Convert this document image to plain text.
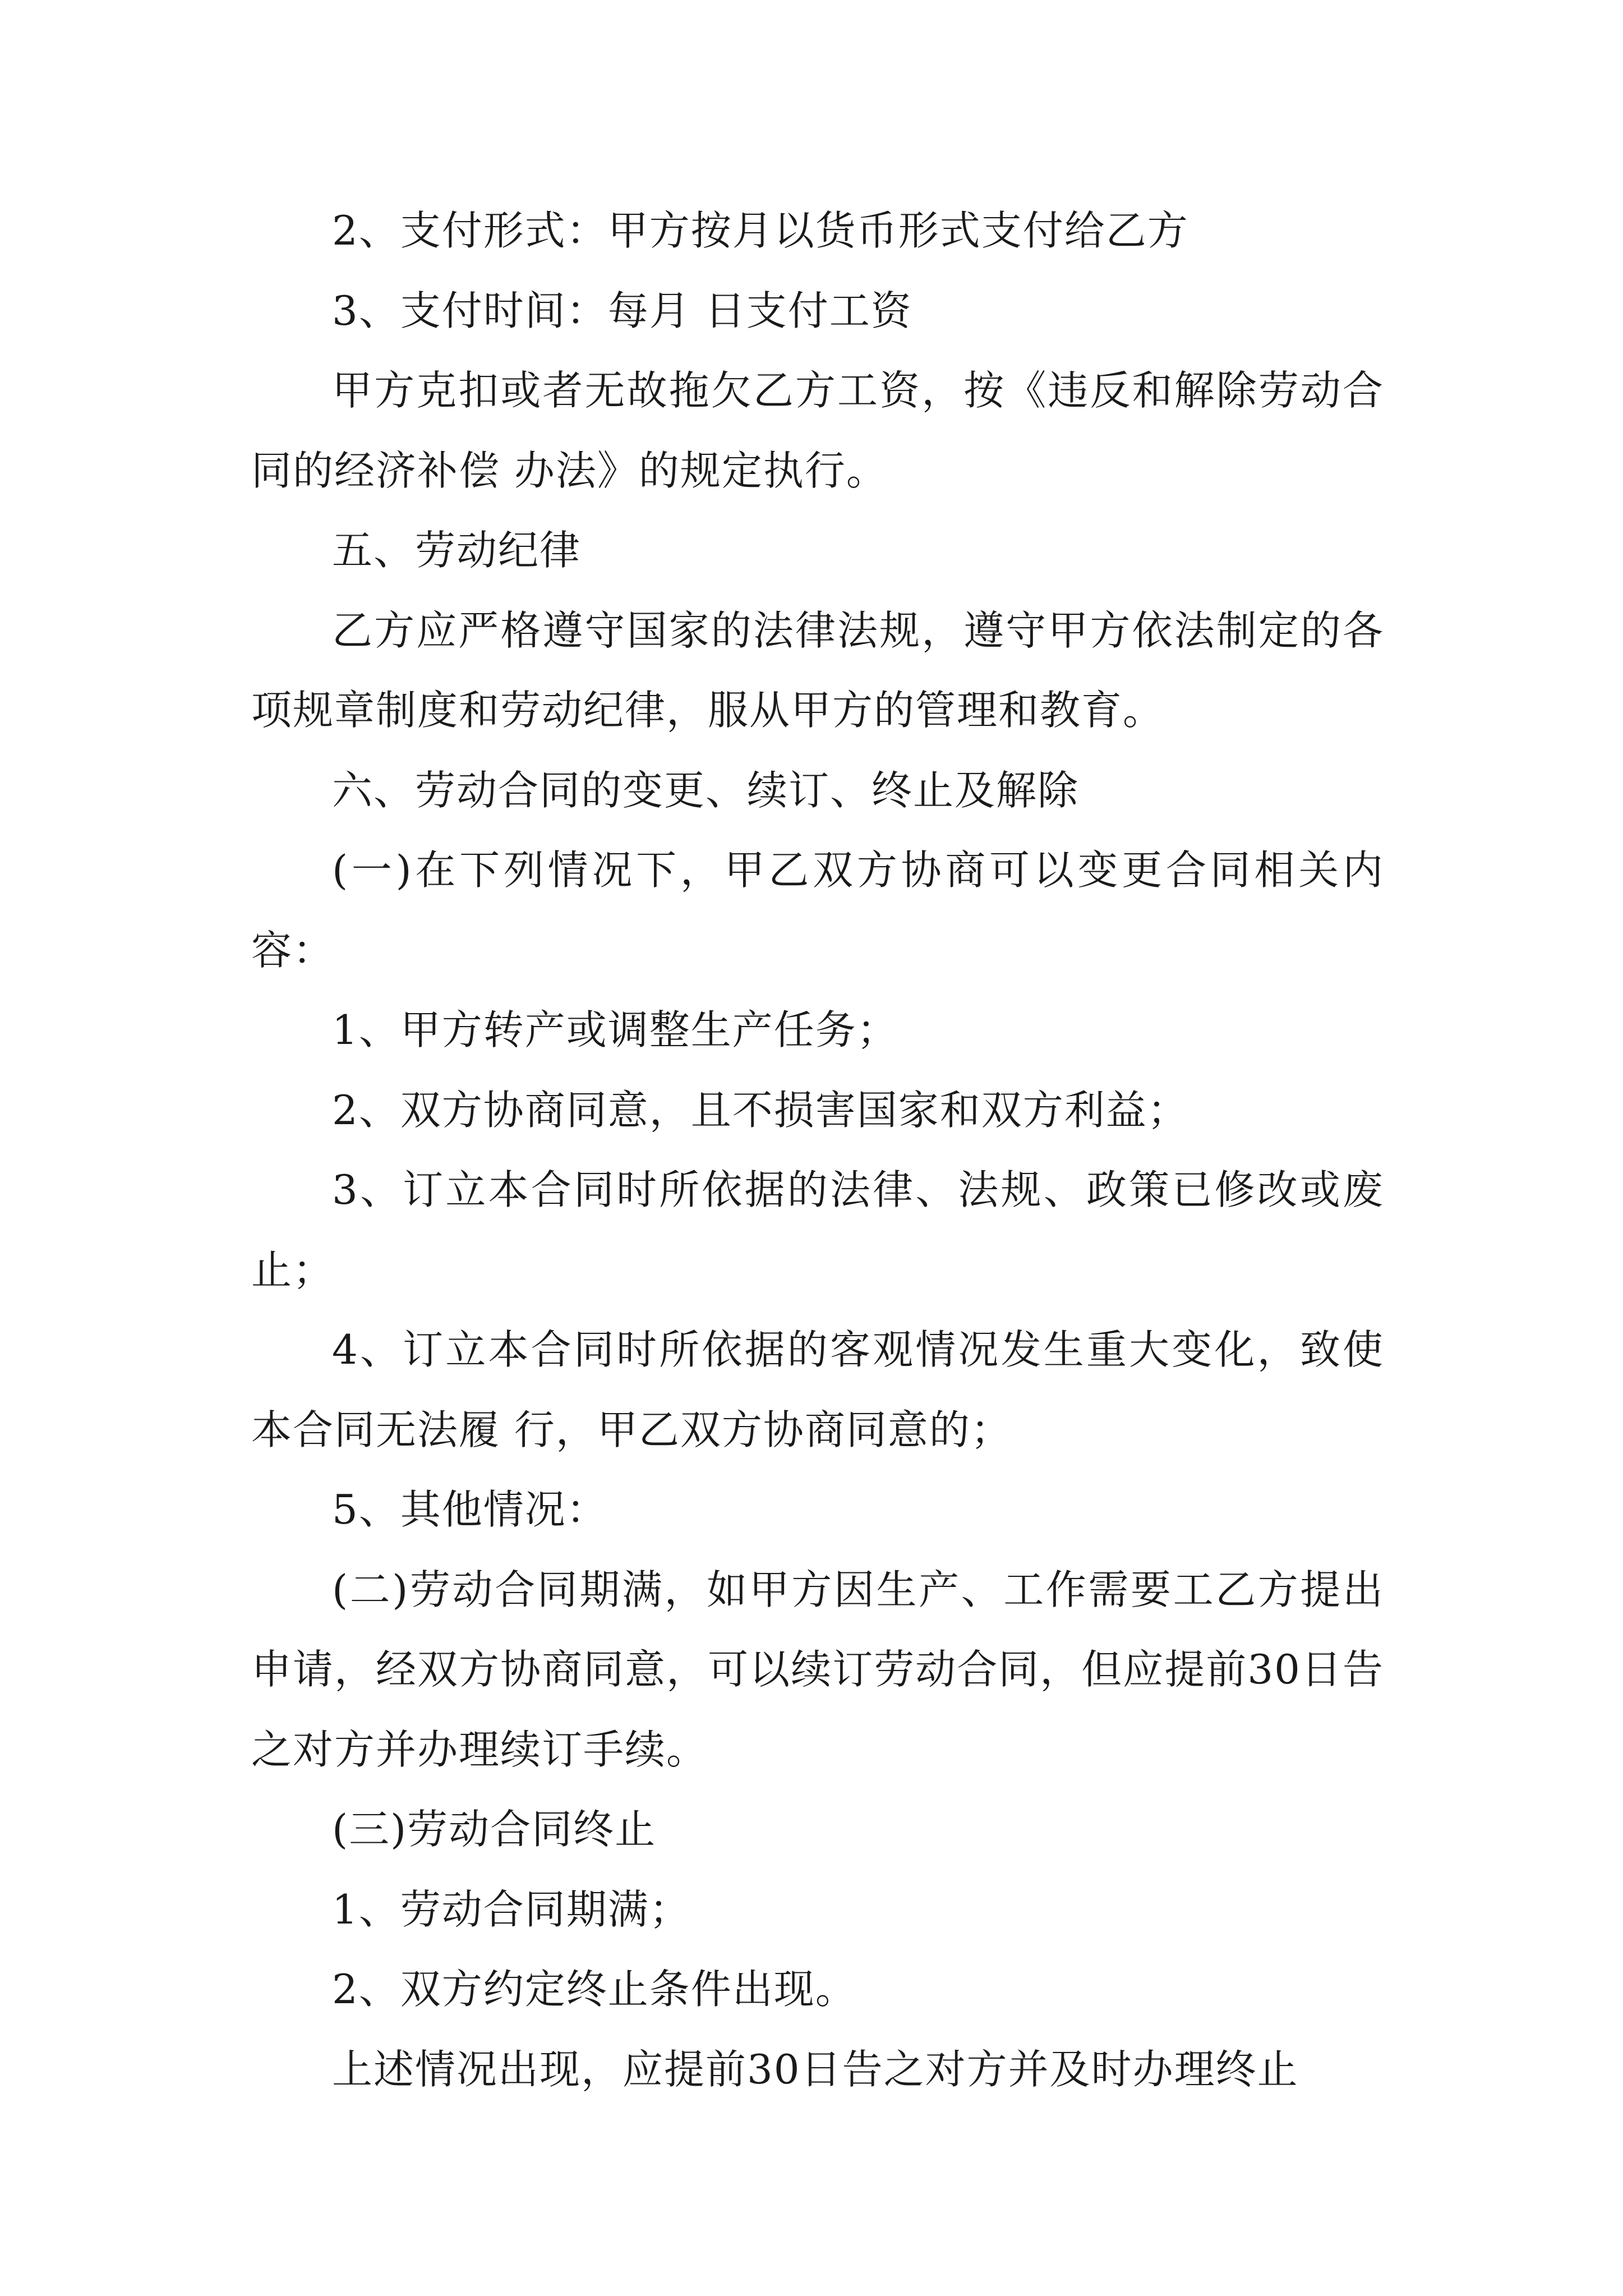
2、支付形式：甲方按月以货币形式支付给乙方

3、支付时间：每月 日支付工资

甲方克扣或者无故拖欠乙方工资，按《违反和解除劳动合同的经济补偿 办法》的规定执行。

五、劳动纪律

乙方应严格遵守国家的法律法规，遵守甲方依法制定的各项规章制度和劳动纪律，服从甲方的管理和教育。

六、劳动合同的变更、续订、终止及解除

(一)在下列情况下，甲乙双方协商可以变更合同相关内容：

1、甲方转产或调整生产任务；

2、双方协商同意，且不损害国家和双方利益；

3、订立本合同时所依据的法律、法规、政策已修改或废止；

4、订立本合同时所依据的客观情况发生重大变化，致使本合同无法履 行，甲乙双方协商同意的；

5、其他情况：

(二)劳动合同期满，如甲方因生产、工作需要工乙方提出申请，经双方协商同意，可以续订劳动合同，但应提前30日告之对方并办理续订手续。

(三)劳动合同终止

1、劳动合同期满；

2、双方约定终止条件出现。

上述情况出现，应提前30日告之对方并及时办理终止
